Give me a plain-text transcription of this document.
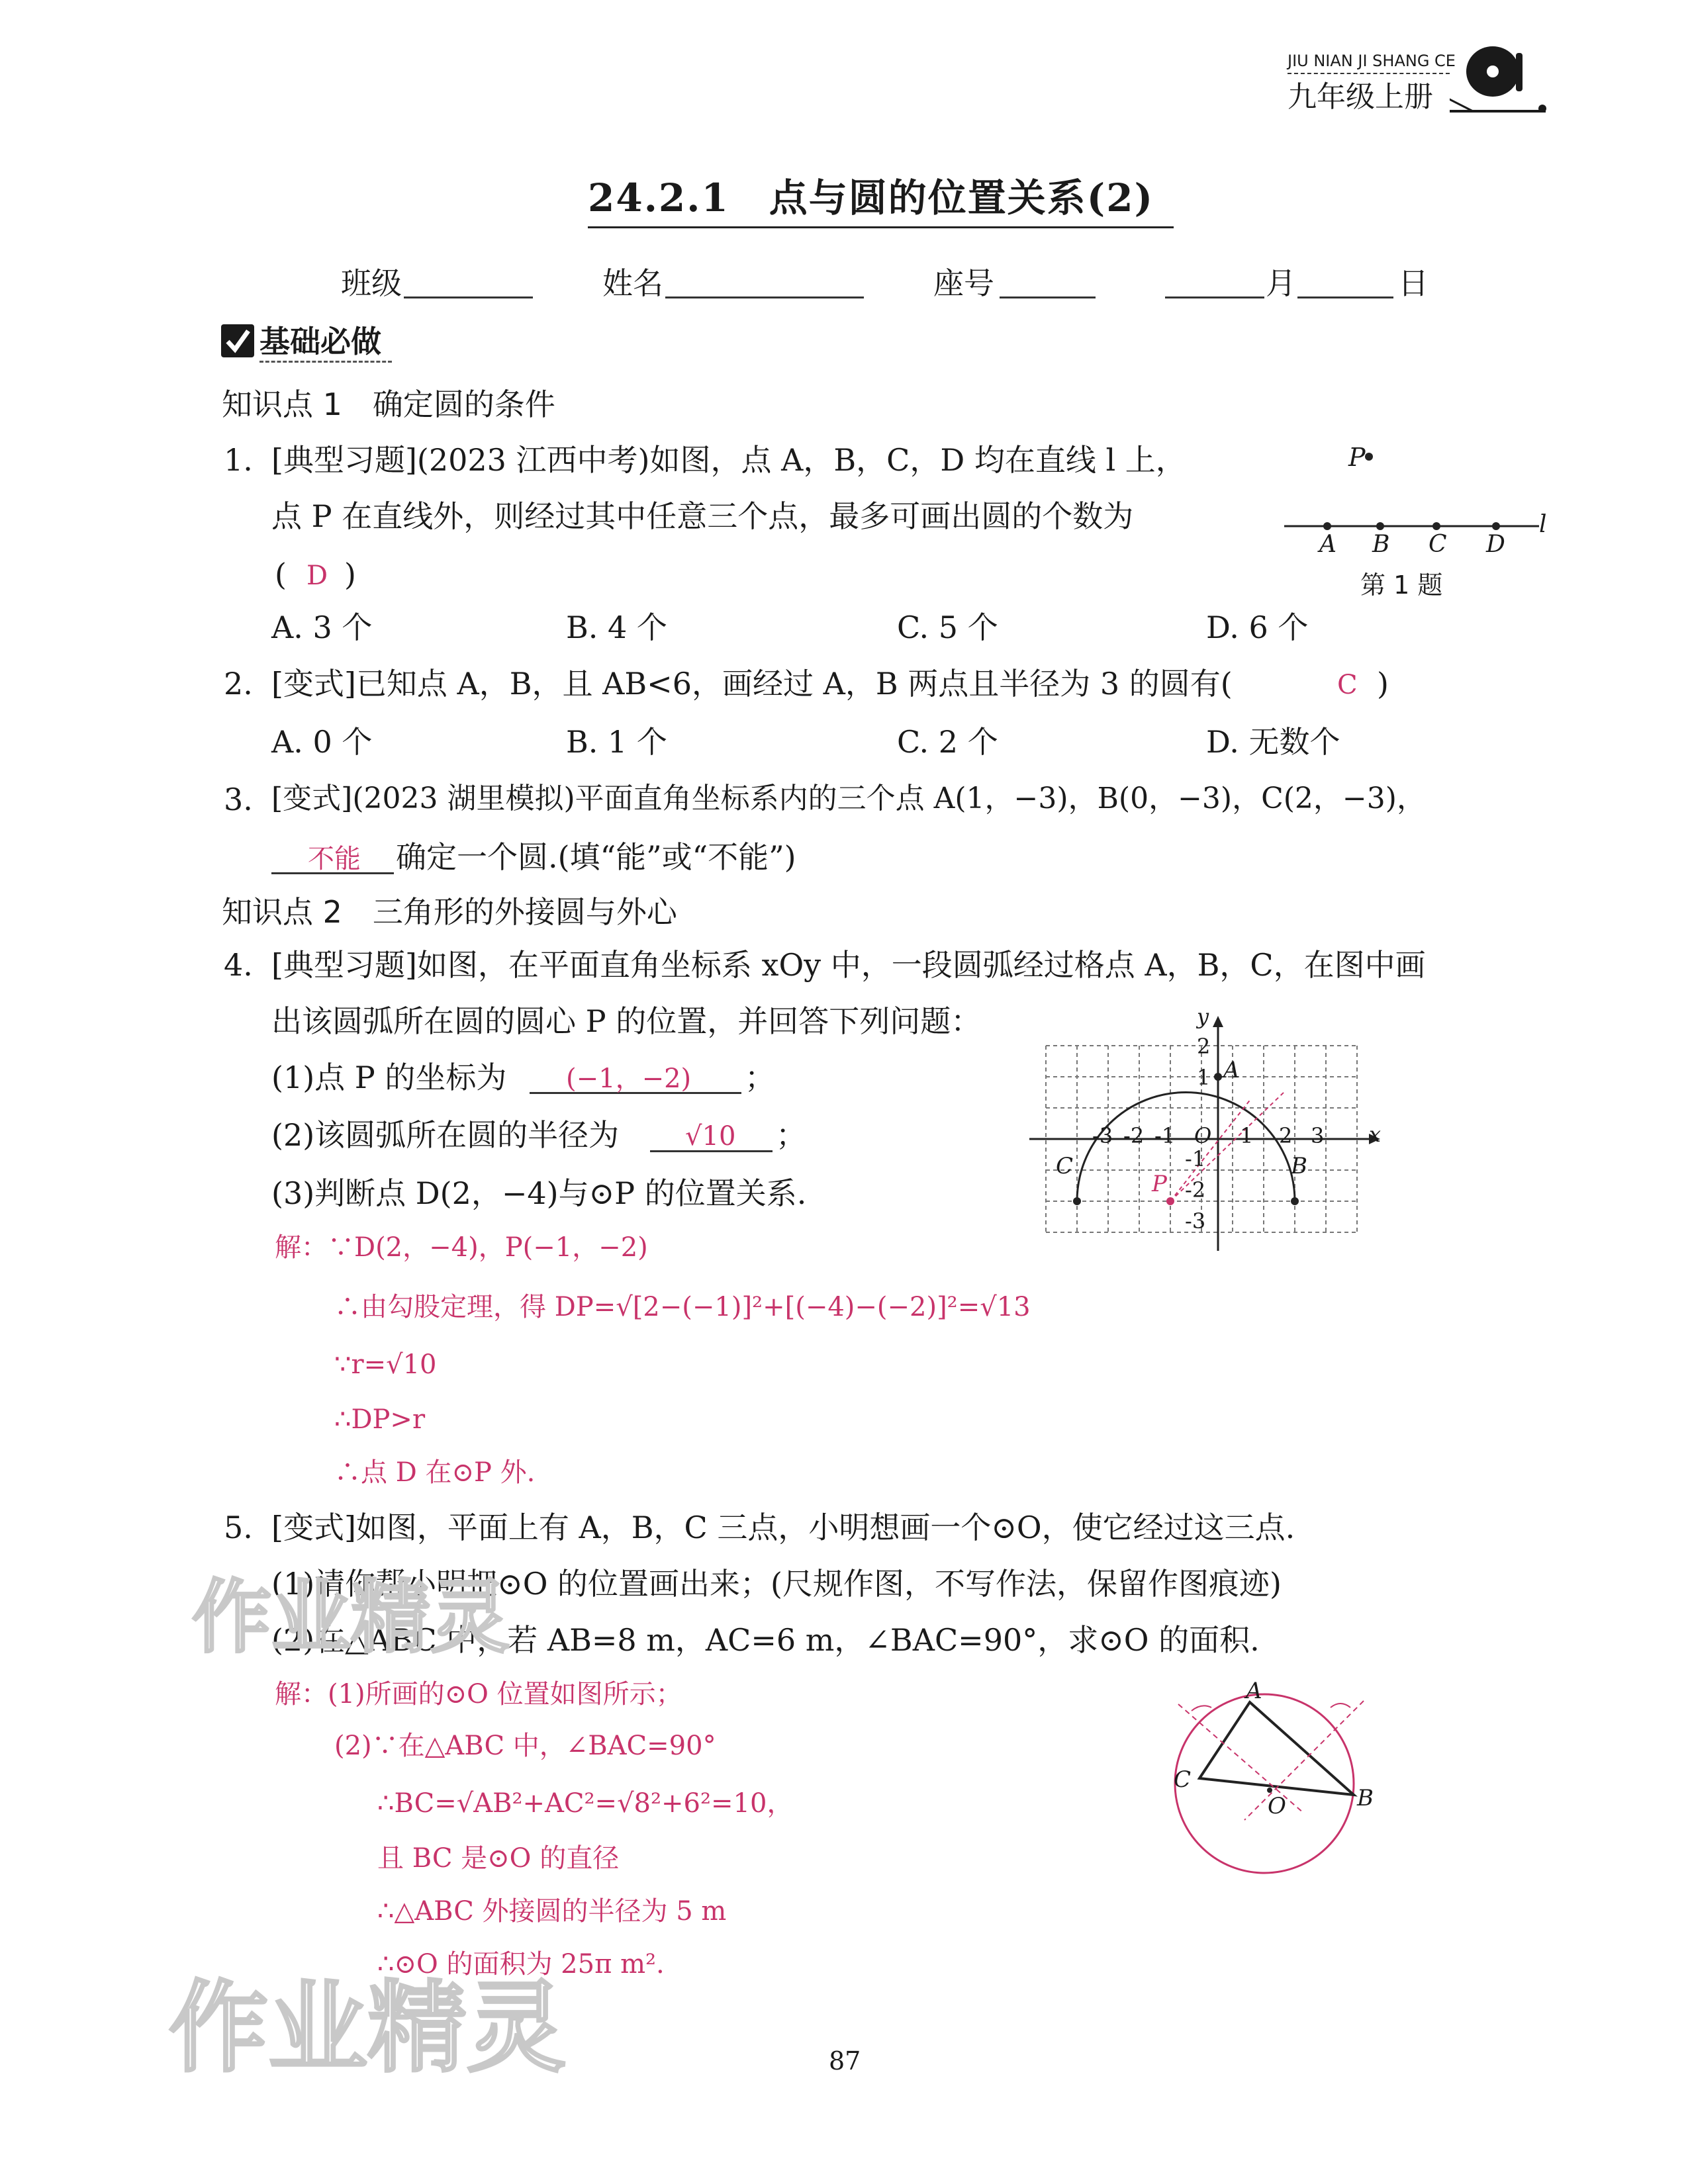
JIU NIAN JI SHANG CE
九年级上册
24.2.1　点与圆的位置关系(2)
班级	姓名	座号	月	日
基础必做
知识点 1　确定圆的条件
1. [典型习题](2023 江西中考)如图，点 A，B，C，D 均在直线 l 上，
点 P 在直线外，则经过其中任意三个点，最多可画出圆的个数为
( D )
A. 3 个	B. 4 个	C. 5 个	D. 6 个
P
A B C D
l
第 1 题
2. [变式]已知点 A，B，且 AB<6，画经过 A，B 两点且半径为 3 的圆有(	C )
A. 0 个	B. 1 个	C. 2 个	D. 无数个
3. [变式](2023 湖里模拟)平面直角坐标系内的三个点 A(1，−3)，B(0，−3)，C(2，−3)，
不能 确定一个圆.(填“能”或“不能”)
知识点 2　三角形的外接圆与外心
4. [典型习题]如图，在平面直角坐标系 xOy 中，一段圆弧经过格点 A，B，C，在图中画
出该圆弧所在圆的圆心 P 的位置，并回答下列问题：
(1)点 P 的坐标为 (−1，−2) ；
(2)该圆弧所在圆的半径为 √10 ；
(3)判断点 D(2，−4)与⊙P 的位置关系.
解：∵D(2，−4)，P(−1，−2)
∴由勾股定理，得 DP=√[2−(−1)]²+[(−4)−(−2)]²=√13
∵r=√10
∴DP>r
∴点 D 在⊙P 外.
y
x
-3 -2 -1 O 1 2 3
2
1
-1
-2
-3
A
B
C
P
5. [变式]如图，平面上有 A，B，C 三点，小明想画一个⊙O，使它经过这三点.
(1)请你帮小明把⊙O 的位置画出来；(尺规作图，不写作法，保留作图痕迹)
(2)在△ABC 中，若 AB=8 m，AC=6 m，∠BAC=90°，求⊙O 的面积.
解：(1)所画的⊙O 位置如图所示；
(2)∵在△ABC 中，∠BAC=90°
∴BC=√AB²+AC²=√8²+6²=10，
且 BC 是⊙O 的直径
∴△ABC 外接圆的半径为 5 m
∴⊙O 的面积为 25π m².
A
B
C
O
作业精灵
作业精灵	87
